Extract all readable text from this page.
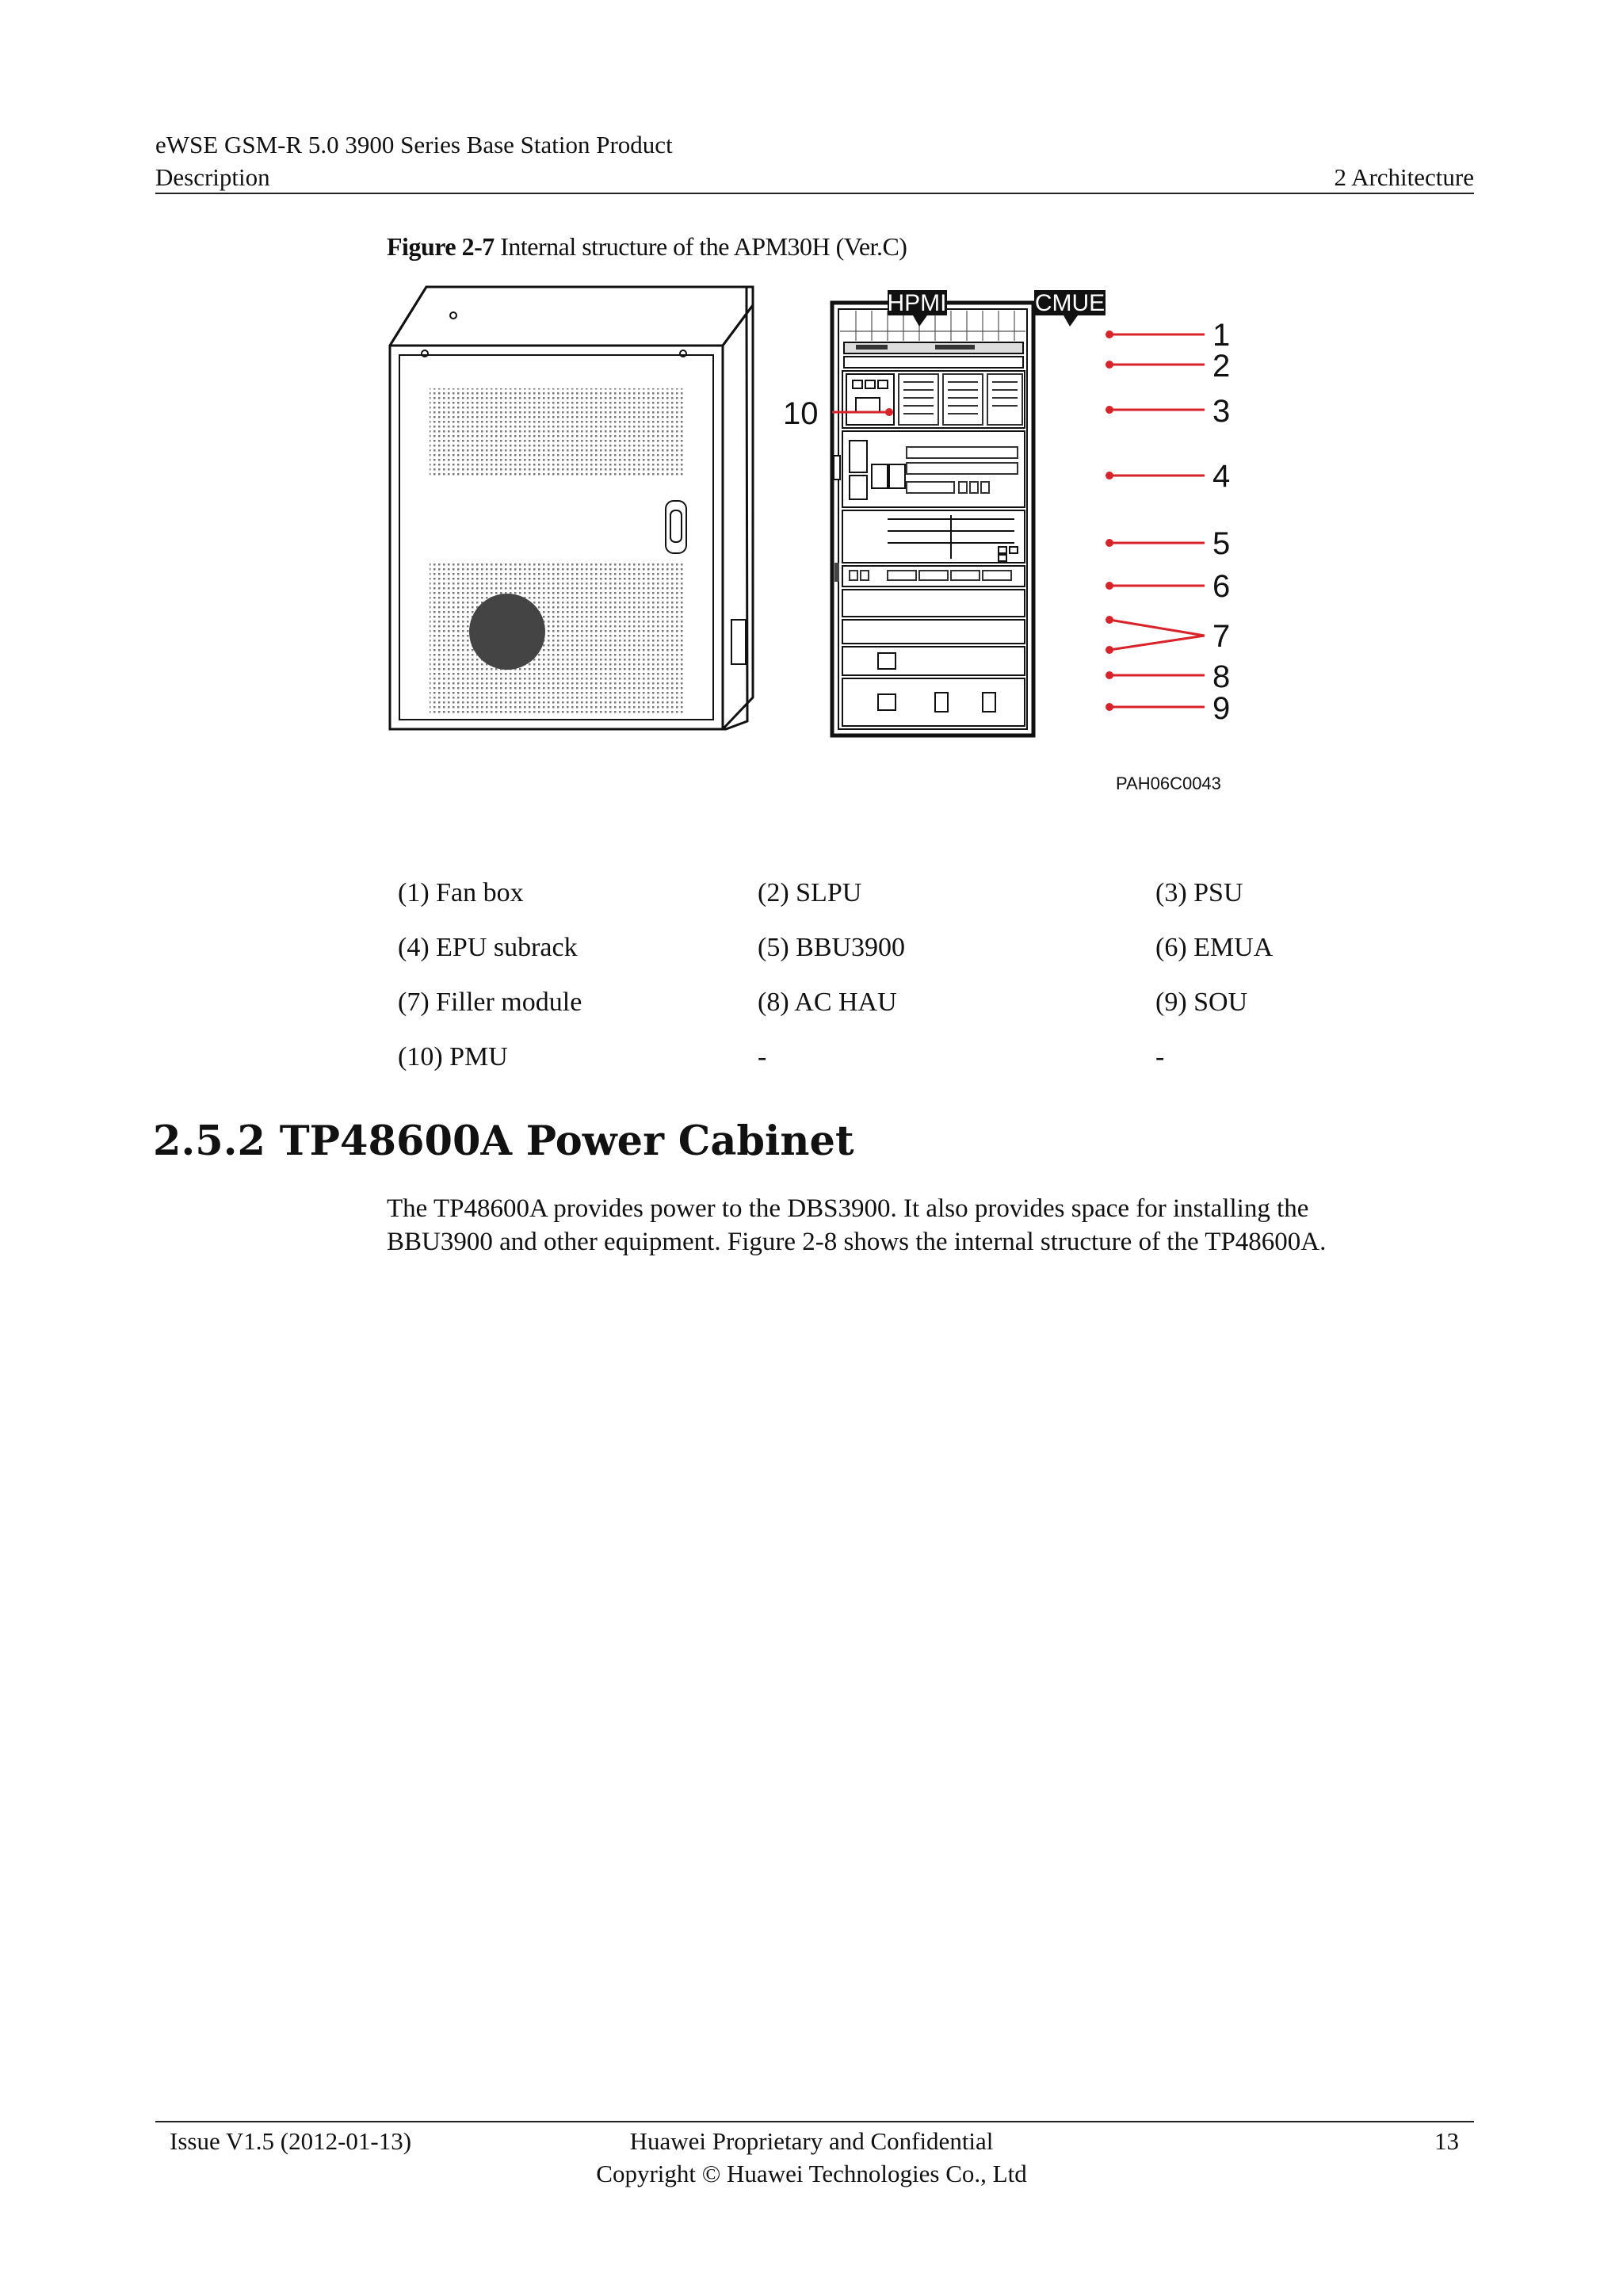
eWSE GSM-R 5.0 3900 Series Base Station Product
Description	2 Architecture
Figure 2-7 Internal structure of the APM30H (Ver.C)
HPMI	CMUE
1
2
3
4
5
6
7
8
9
10
PAH06C0043
(1) Fan box	(2) SLPU	(3) PSU
(4) EPU subrack	(5) BBU3900	(6) EMUA
(7) Filler module	(8) AC HAU	(9) SOU
(10) PMU	-	-
2.5.2 TP48600A Power Cabinet
The TP48600A provides power to the DBS3900. It also provides space for installing the
BBU3900 and other equipment. Figure 2-8 shows the internal structure of the TP48600A.
Issue V1.5 (2012-01-13)	Huawei Proprietary and Confidential
Copyright © Huawei Technologies Co., Ltd
13
